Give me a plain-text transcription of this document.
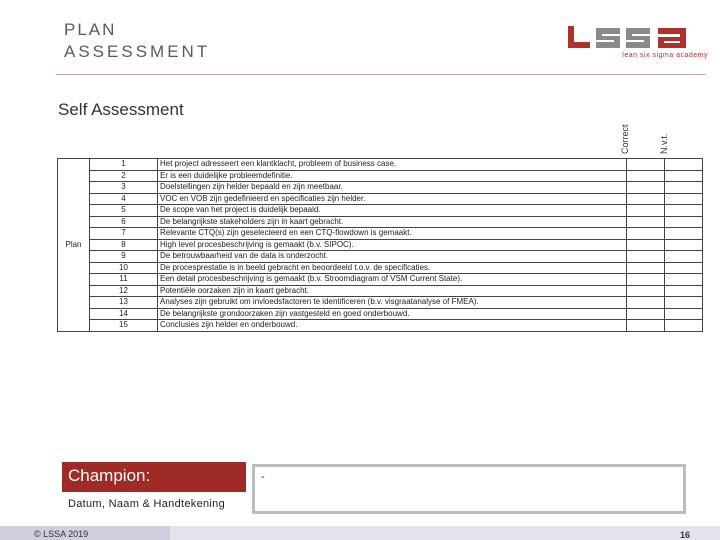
PLAN
ASSESSMENT	lean six sigma academy
Self Assessment
Correct	N.v.t.
Plan	1	Het project adresseert een klantklacht, probleem of business case.		
	2	Er is een duidelijke probleemdefinitie.		
	3	Doelstellingen zijn helder bepaald en zijn meetbaar.		
	4	VOC en VOB zijn gedefinieerd en specificaties zijn helder.		
	5	De scope van het project is duidelijk bepaald.		
	6	De belangrijkste stakeholders zijn in kaart gebracht.		
	7	Relevante CTQ(s) zijn geselecteerd en een CTQ-flowdown is gemaakt.		
	8	High level procesbeschrijving is gemaakt (b.v. SIPOC).		
	9	De betrouwbaarheid van de data is onderzocht.		
	10	De procesprestatie is in beeld gebracht en beoordeeld t.o.v. de specificaties.		
	11	Een detail procesbeschrijving is gemaakt (b.v. Stroomdiagram of VSM Current State).		
	12	Potentiële oorzaken zijn in kaart gebracht.		
	13	Analyses zijn gebruikt om invloedsfactoren te identificeren (b.v. visgraatanalyse of FMEA).		
	14	De belangrijkste grondoorzaken zijn vastgesteld en goed onderbouwd.		
	15	Conclusies zijn helder en onderbouwd.		
Champion:
Datum, Naam & Handtekening
-
© LSSA 2019	16
